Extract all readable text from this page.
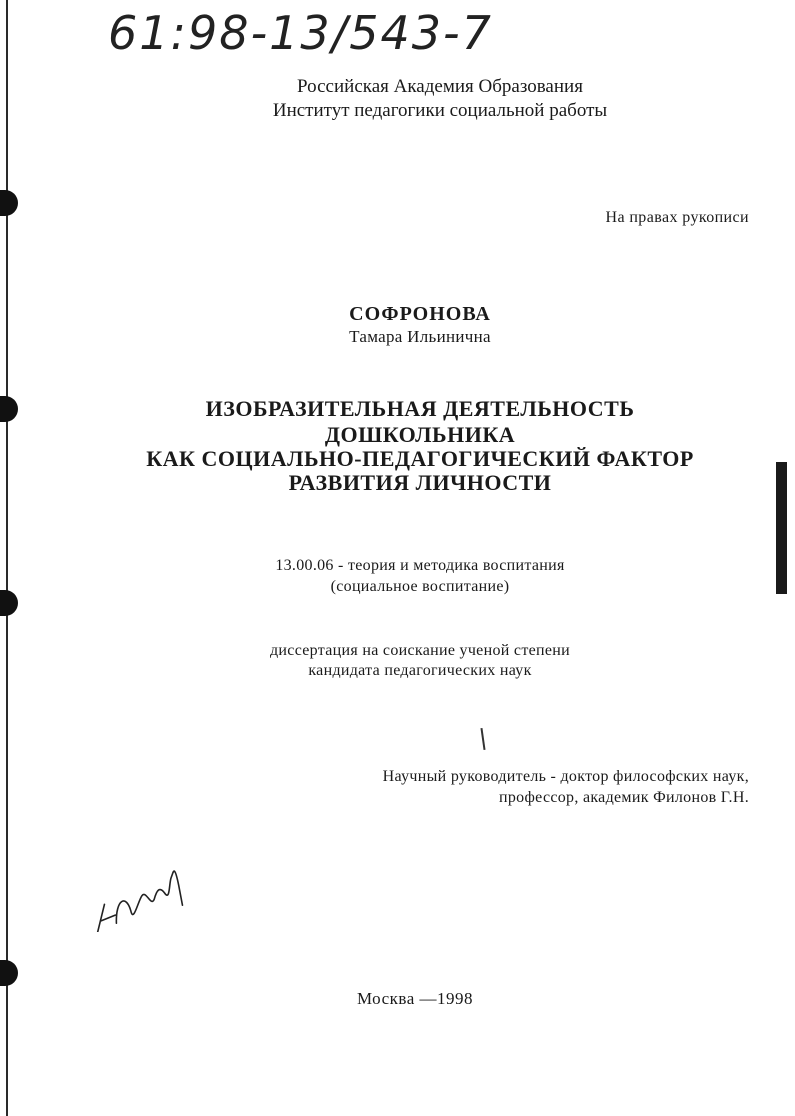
61:98-13/543-7
Российская Академия Образования
Институт педагогики социальной работы
На правах рукописи
СОФРОНОВА
Тамара Ильинична
ИЗОБРАЗИТЕЛЬНАЯ ДЕЯТЕЛЬНОСТЬ
ДОШКОЛЬНИКА
КАК СОЦИАЛЬНО-ПЕДАГОГИЧЕСКИЙ ФАКТОР
РАЗВИТИЯ ЛИЧНОСТИ
13.00.06 - теория и методика воспитания
(социальное воспитание)
диссертация на соискание ученой степени
кандидата педагогических наук
Научный руководитель - доктор философских наук,
профессор, академик Филонов Г.Н.
Москва —1998
